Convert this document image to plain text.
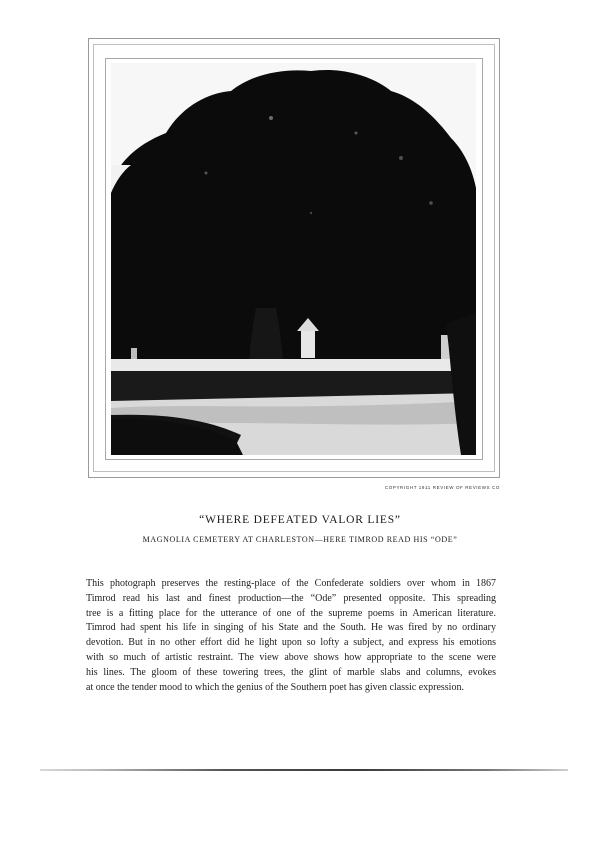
COPYRIGHT 1911 REVIEW OF REVIEWS CO
“WHERE DEFEATED VALOR LIES”
MAGNOLIA CEMETERY AT CHARLESTON—HERE TIMROD READ HIS “ODE”
This photograph preserves the resting-place of the Confederate soldiers over whom in 1867
Timrod read his last and finest production—the “Ode” presented opposite. This spreading
tree is a fitting place for the utterance of one of the supreme poems in American literature.
Timrod had spent his life in singing of his State and the South. He was fired by no ordinary
devotion. But in no other effort did he light upon so lofty a subject, and express his emotions
with so much of artistic restraint. The view above shows how appropriate to the scene were
his lines. The gloom of these towering trees, the glint of marble slabs and columns, evokes
at once the tender mood to which the genius of the Southern poet has given classic expression.
